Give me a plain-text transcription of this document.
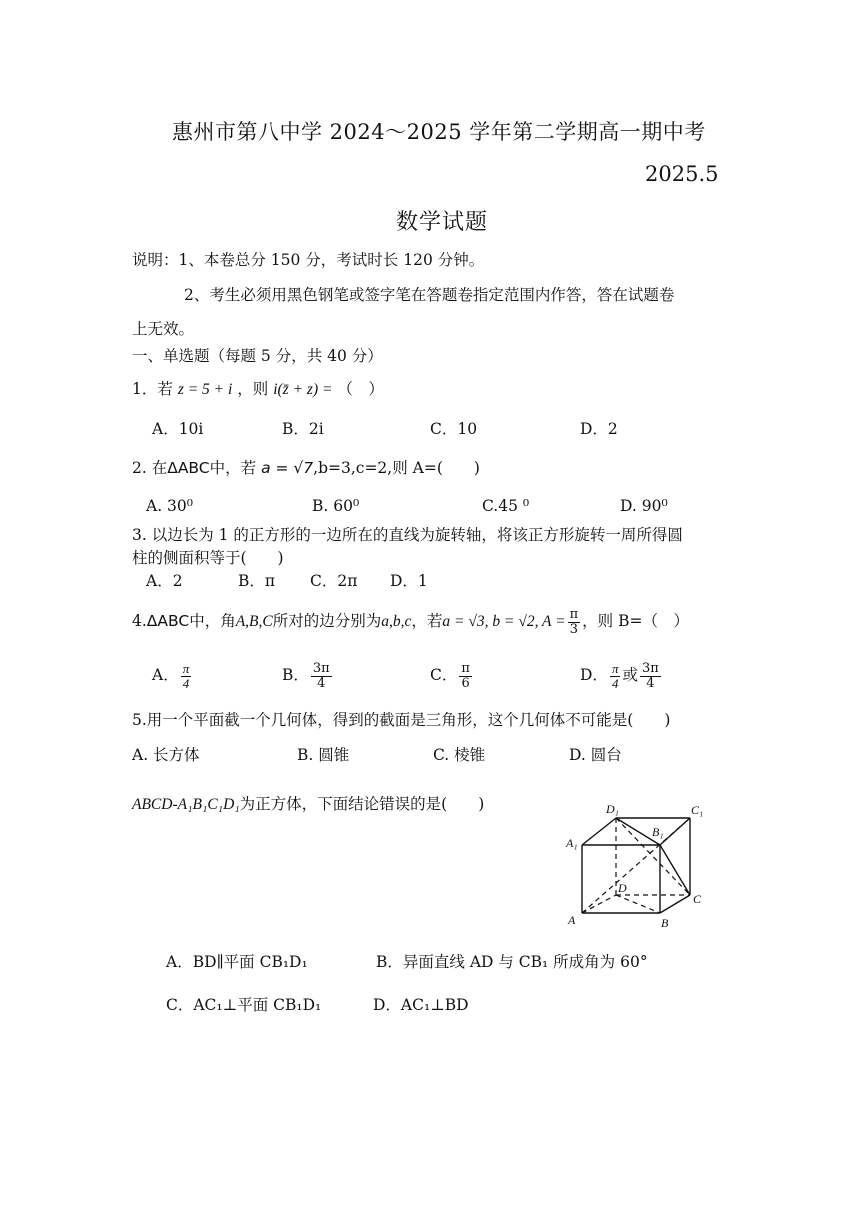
惠州市第八中学 2024～2025 学年第二学期高一期中考
2025.5
数学试题
说明：1、本卷总分 150 分，考试时长 120 分钟。
2、考生必须用黑色钢笔或签字笔在答题卷指定范围内作答，答在试题卷
上无效。
一、单选题（每题 5 分，共 40 分）
1．若 z = 5 + i ，则 i(z̄ + z) = （　）
A．10i	B．2i	C．10	D．2
2. 在ΔABC中，若 a = √7,b=3,c=2,则 A=(　　)
A. 30⁰	B. 60⁰	C.45 ⁰	D. 90⁰
3. 以边长为 1 的正方形的一边所在的直线为旋转轴，将该正方形旋转一周所得圆
柱的侧面积等于(　　)
A．2	B．π C．2π D．1
4.ΔABC中，角A,B,C所对的边分别为a,b,c，若a = √3, b = √2, $A = \frac{\pi}{3}$ ，则 B=（　）
A． $\frac{\pi}{4}$	B． $\frac{3\pi}{4}$	C． $\frac{\pi}{6}$	D． $\frac{\pi}{4}$ 或 $\frac{3\pi}{4}$
5.用一个平面截一个几何体，得到的截面是三角形，这个几何体不可能是(　　)
A. 长方体	B. 圆锥	C. 棱锥	D. 圆台
ABCD-A₁B₁C₁D₁为正方体，下面结论错误的是(　　)
A	B
C
D
A₁
B₁
C₁
D₁
A．BD∥平面 CB₁D₁	B．异面直线 AD 与 CB₁ 所成角为 60°
C．AC₁⊥平面 CB₁D₁	D．AC₁⊥BD
